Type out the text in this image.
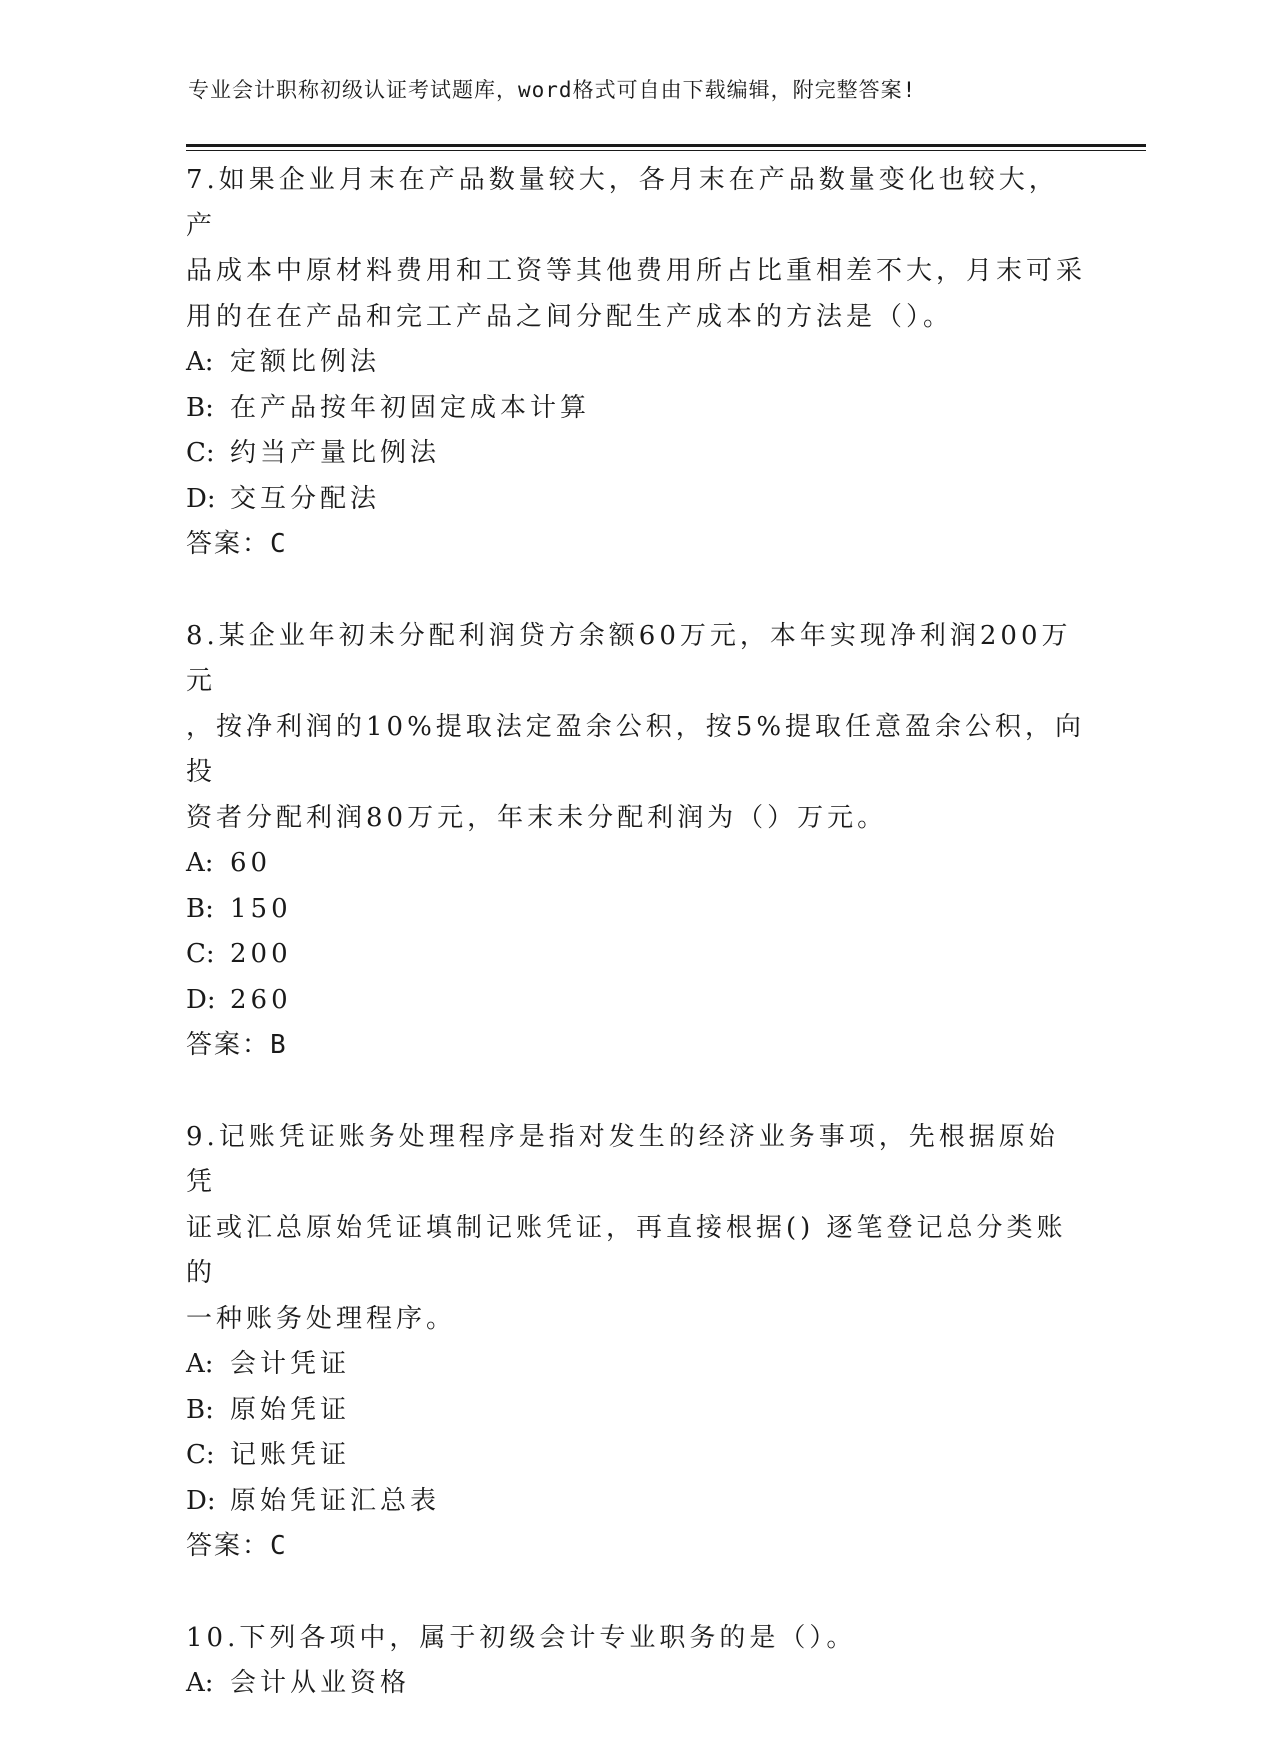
专业会计职称初级认证考试题库，word格式可自由下载编辑，附完整答案!

7.如果企业月末在产品数量较大，各月末在产品数量变化也较大，产
品成本中原材料费用和工资等其他费用所占比重相差不大，月末可采
用的在在产品和完工产品之间分配生产成本的方法是（）。

A: 定额比例法

B: 在产品按年初固定成本计算

C: 约当产量比例法

D: 交互分配法

答案：C

8.某企业年初未分配利润贷方余额60万元，本年实现净利润200万元
，按净利润的10%提取法定盈余公积，按5%提取任意盈余公积，向投
资者分配利润80万元，年末未分配利润为（）万元。

A: 60

B: 150

C: 200

D: 260

答案：B

9.记账凭证账务处理程序是指对发生的经济业务事项，先根据原始凭
证或汇总原始凭证填制记账凭证，再直接根据() 逐笔登记总分类账的
一种账务处理程序。

A: 会计凭证

B: 原始凭证

C: 记账凭证

D: 原始凭证汇总表

答案：C

10.下列各项中，属于初级会计专业职务的是（）。

A: 会计从业资格
